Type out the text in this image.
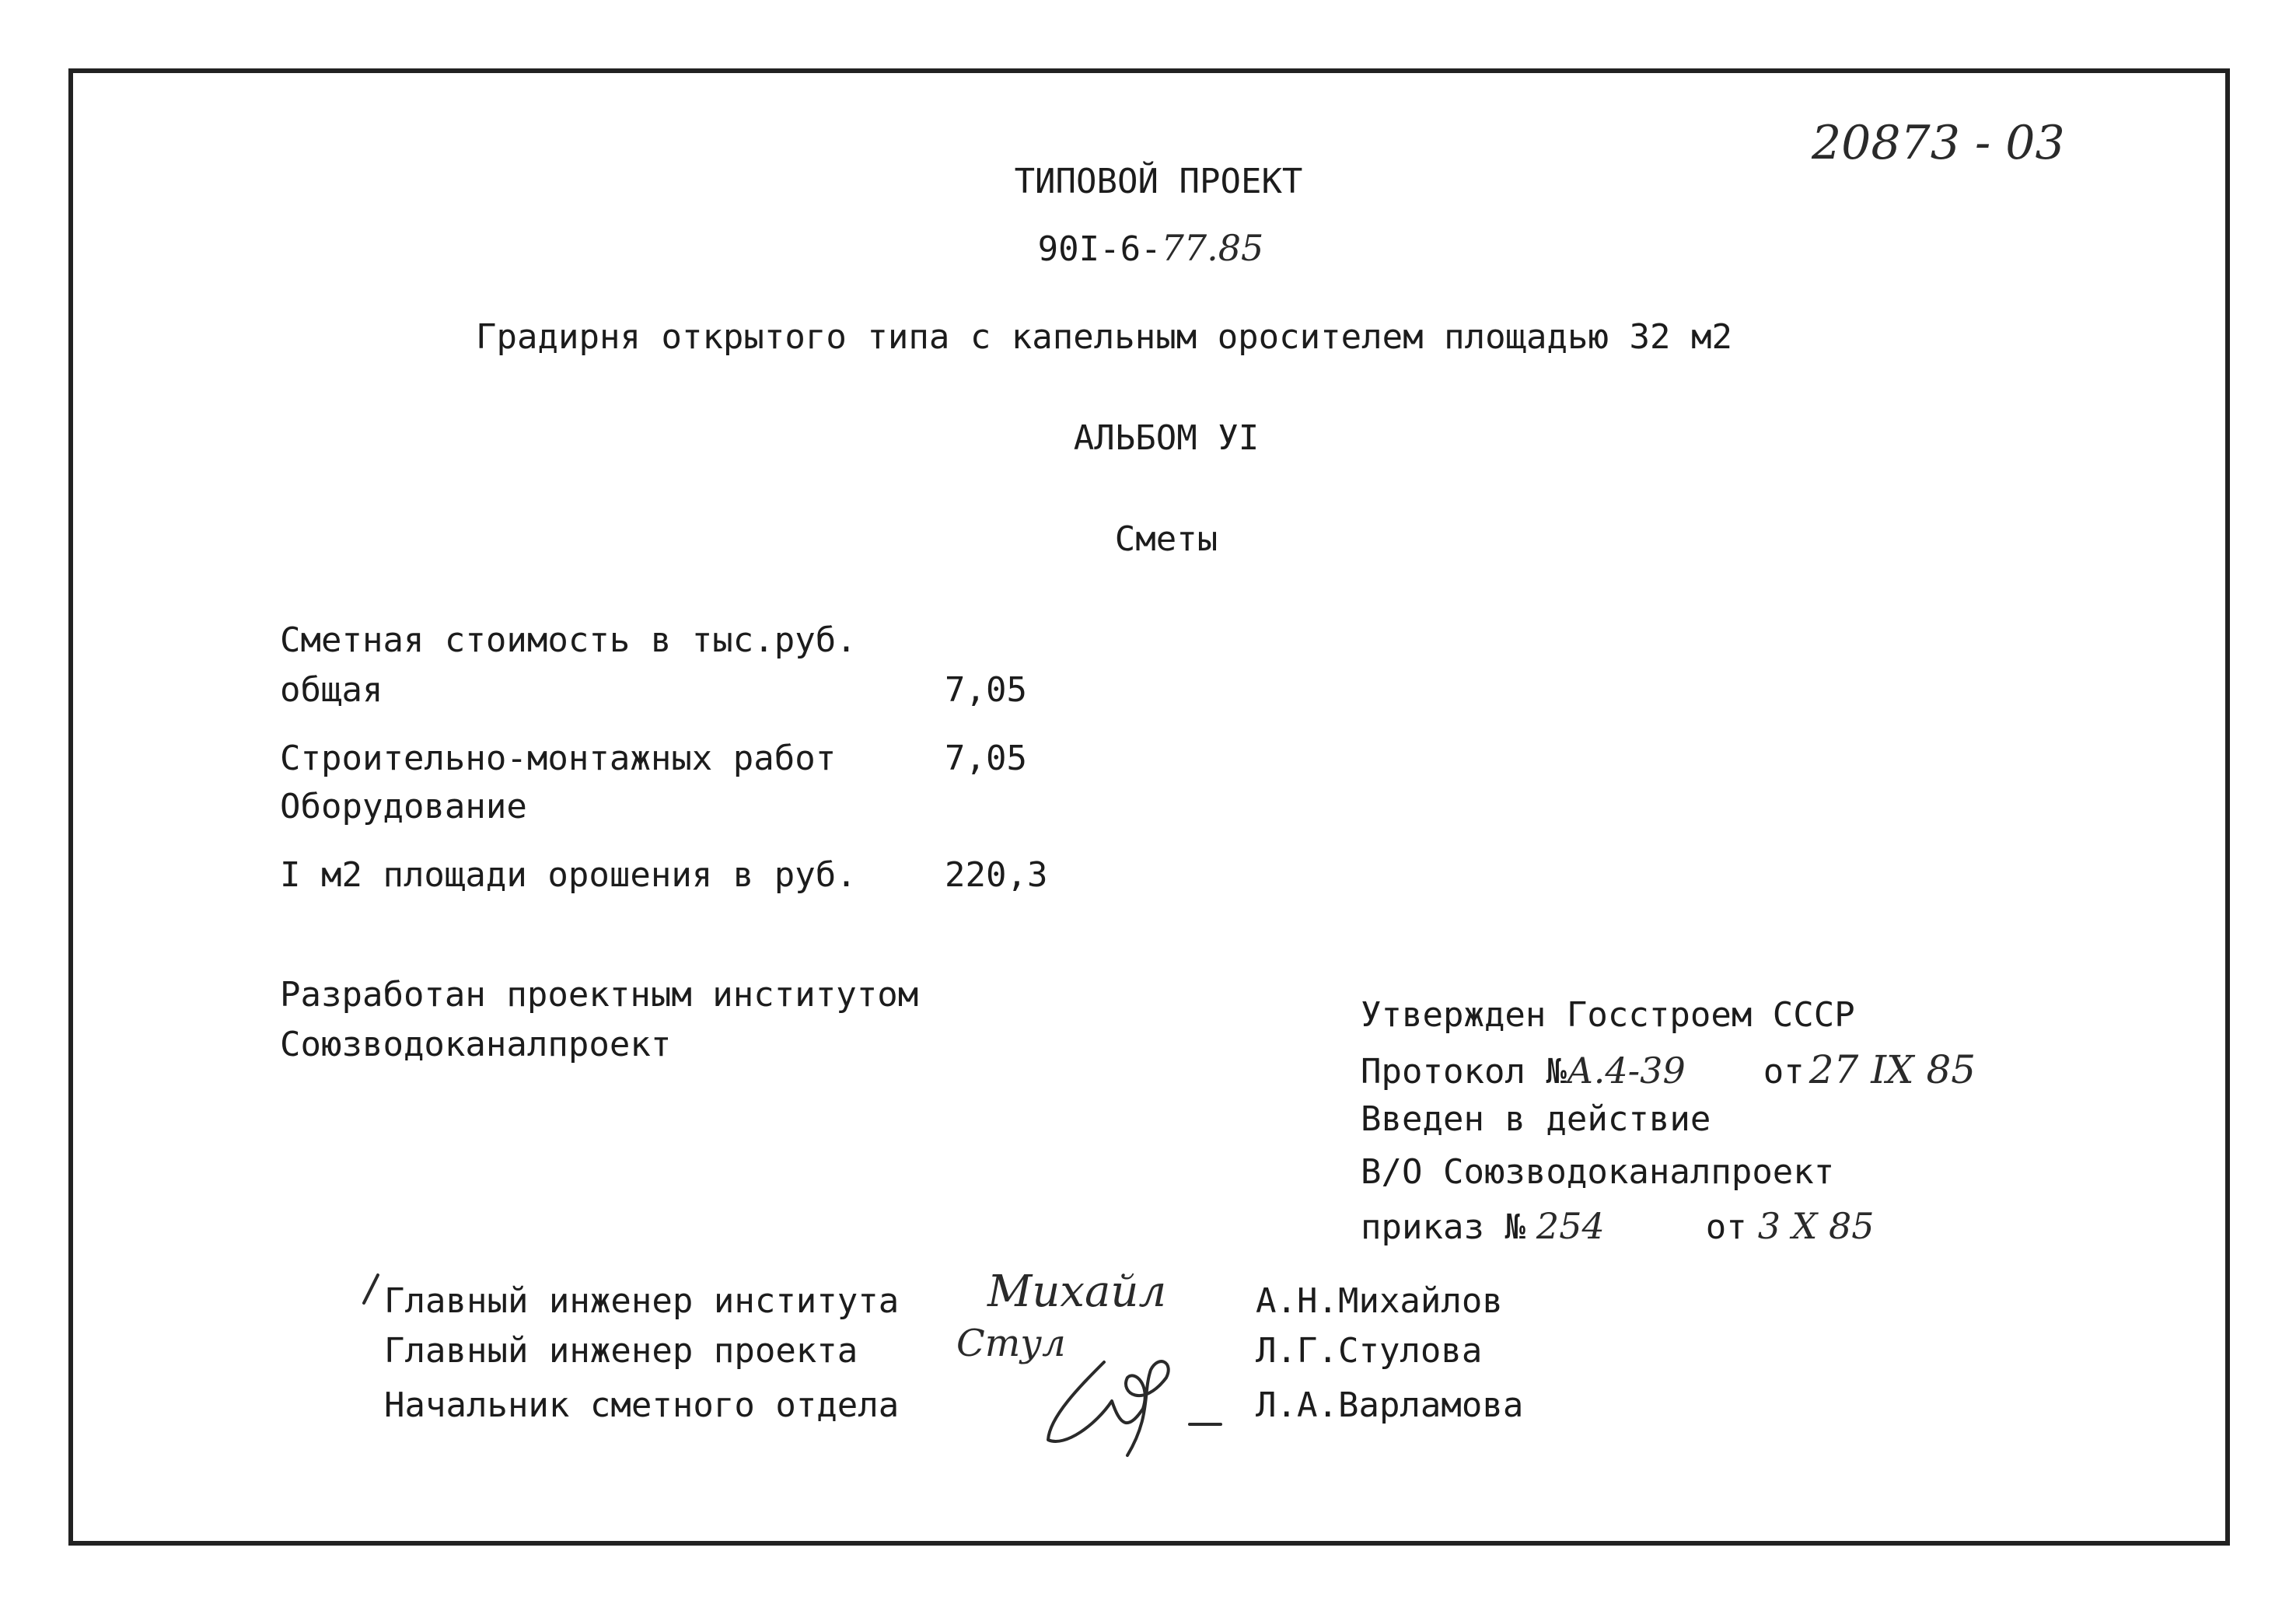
20873 - 03
ТИПОВОЙ ПРОЕКТ
90I-6-77.85
Градирня открытого типа с капельным оросителем площадью 32 м2
АЛЬБОМ УI
Сметы
Сметная стоимость в тыс.руб.
общая	7,05
Строительно-монтажных работ	7,05
Оборудование
I м2 площади орошения в руб.	220,3
Разработан проектным институтом
Союзводоканалпроект
Утвержден Госстроем СССР
Протокол №А.4-39 от 27 IX 85
Введен в действие
В/О Союзводоканалпроект
приказ № 254	от 3 X 85
Главный инженер института Михайл	А.Н.Михайлов
Главный инженер проекта	Стул	Л.Г.Стулова
Начальник сметного отдела	Л.А.Варламова
